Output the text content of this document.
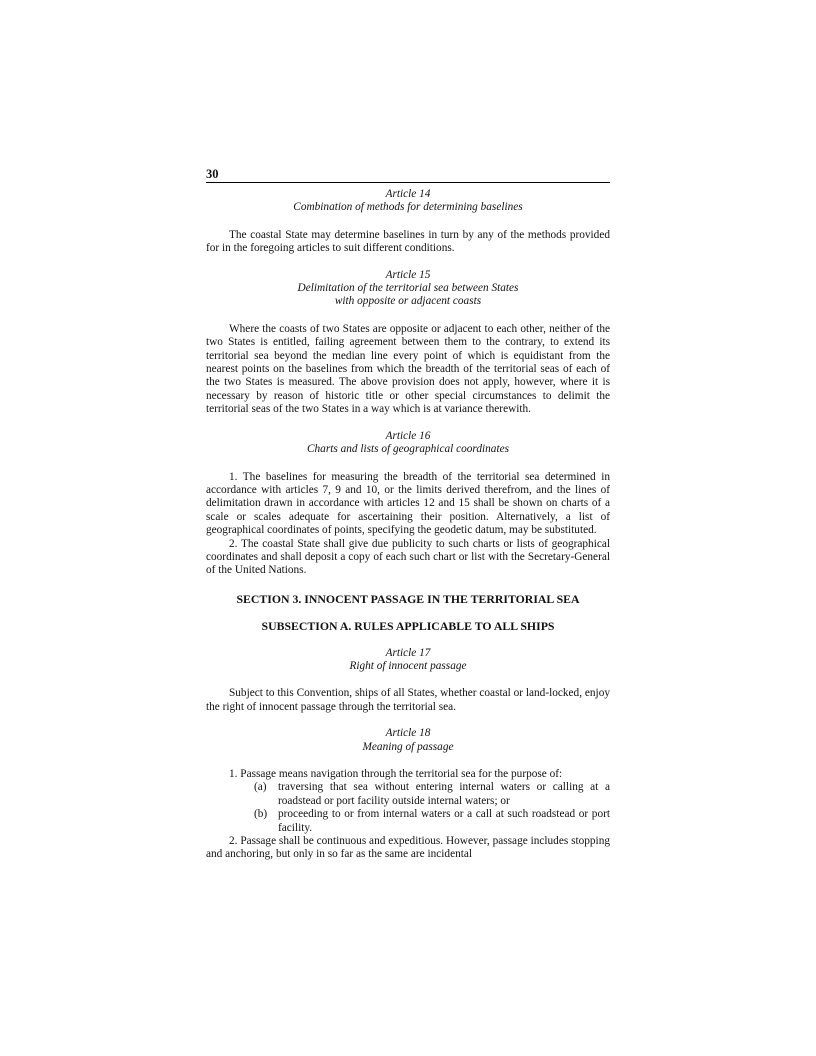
30

Article 14

Combination of methods for determining baselines

The coastal State may determine baselines in turn by any of the methods provided for in the foregoing articles to suit different conditions.

Article 15

Delimitation of the territorial sea between States

with opposite or adjacent coasts

Where the coasts of two States are opposite or adjacent to each other, neither of the two States is entitled, failing agreement between them to the contrary, to extend its territorial sea beyond the median line every point of which is equidistant from the nearest points on the baselines from which the breadth of the territorial seas of each of the two States is measured. The above provision does not apply, however, where it is necessary by reason of historic title or other special circumstances to delimit the territorial seas of the two States in a way which is at variance therewith.

Article 16

Charts and lists of geographical coordinates

1. The baselines for measuring the breadth of the territorial sea determined in accordance with articles 7, 9 and 10, or the limits derived therefrom, and the lines of delimitation drawn in accordance with articles 12 and 15 shall be shown on charts of a scale or scales adequate for ascertaining their position. Alternatively, a list of geographical coordinates of points, specifying the geodetic datum, may be substituted.

2. The coastal State shall give due publicity to such charts or lists of geographical coordinates and shall deposit a copy of each such chart or list with the Secretary-General of the United Nations.

SECTION 3. INNOCENT PASSAGE IN THE TERRITORIAL SEA

SUBSECTION A. RULES APPLICABLE TO ALL SHIPS

Article 17

Right of innocent passage

Subject to this Convention, ships of all States, whether coastal or land-locked, enjoy the right of innocent passage through the territorial sea.

Article 18

Meaning of passage

1. Passage means navigation through the territorial sea for the purpose of:

(a)	traversing that sea without entering internal waters or calling at a roadstead or port facility outside internal waters; or
(b) proceeding to or from internal waters or a call at such roadstead or port facility.

2. Passage shall be continuous and expeditious. However, passage includes stopping and anchoring, but only in so far as the same are incidental
